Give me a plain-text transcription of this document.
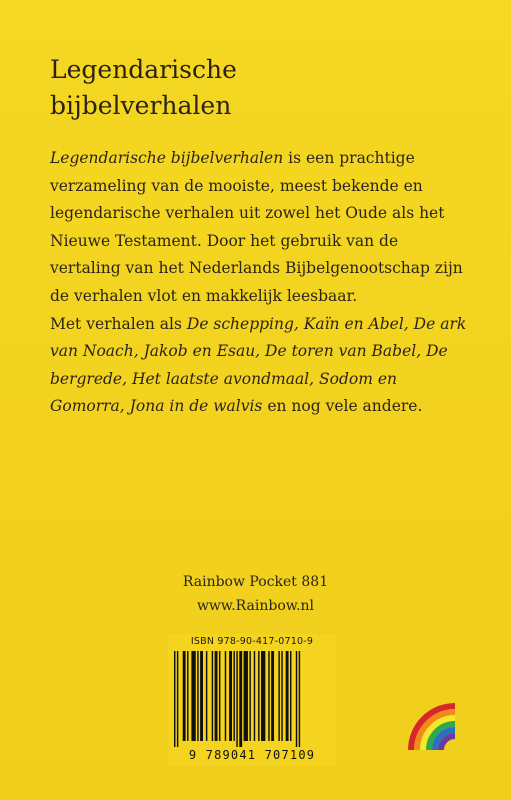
Legendarische
bijbelverhalen

Legendarische bijbelverhalen is een prachtige verzameling van de mooiste, meest bekende en legendarische verhalen uit zowel het Oude als het Nieuwe Testament. Door het gebruik van de vertaling van het Nederlands Bijbelgenootschap zijn de verhalen vlot en makkelijk leesbaar.

Met verhalen als De schepping, Kaïn en Abel, De ark van Noach, Jakob en Esau, De toren van Babel, De bergrede, Het laatste avondmaal, Sodom en Gomorra, Jona in de walvis en nog vele andere.

Rainbow Pocket 881
www.Rainbow.nl
ISBN 978-90-417-0710-9
9 789041 707109
